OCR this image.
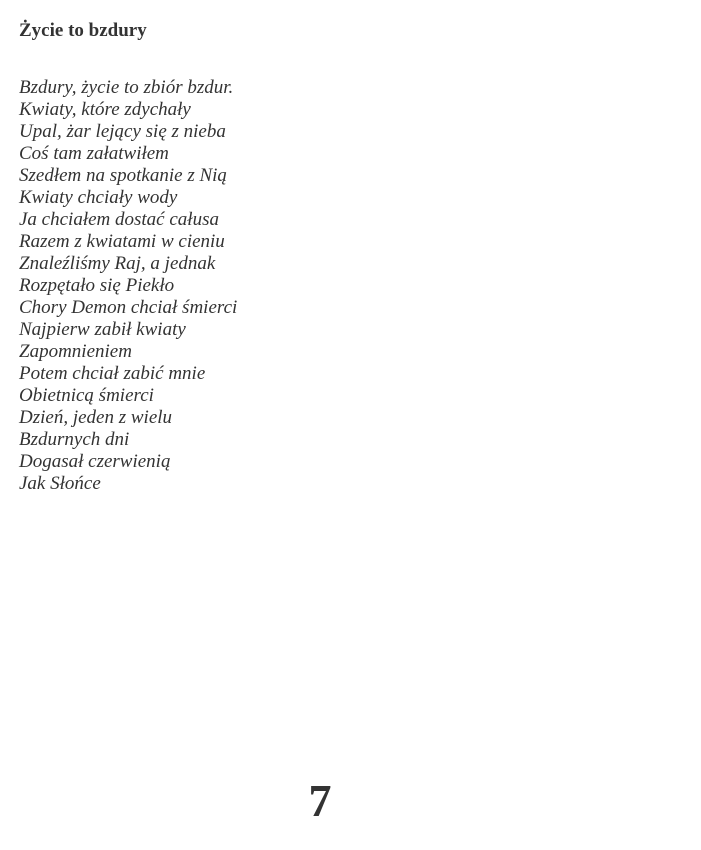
Życie to bzdury
Bzdury, życie to zbiór bzdur.
Kwiaty, które zdychały
Upal, żar lejący się z nieba
Coś tam załatwiłem
Szedłem na spotkanie z Nią
Kwiaty chciały wody
Ja chciałem dostać całusa
Razem z kwiatami w cieniu
Znaleźliśmy Raj, a jednak
Rozpętało się Piekło
Chory Demon chciał śmierci
Najpierw zabił kwiaty
Zapomnieniem
Potem chciał zabić mnie
Obietnicą śmierci
Dzień, jeden z wielu
Bzdurnych dni
Dogasał czerwienią
Jak Słońce
7
